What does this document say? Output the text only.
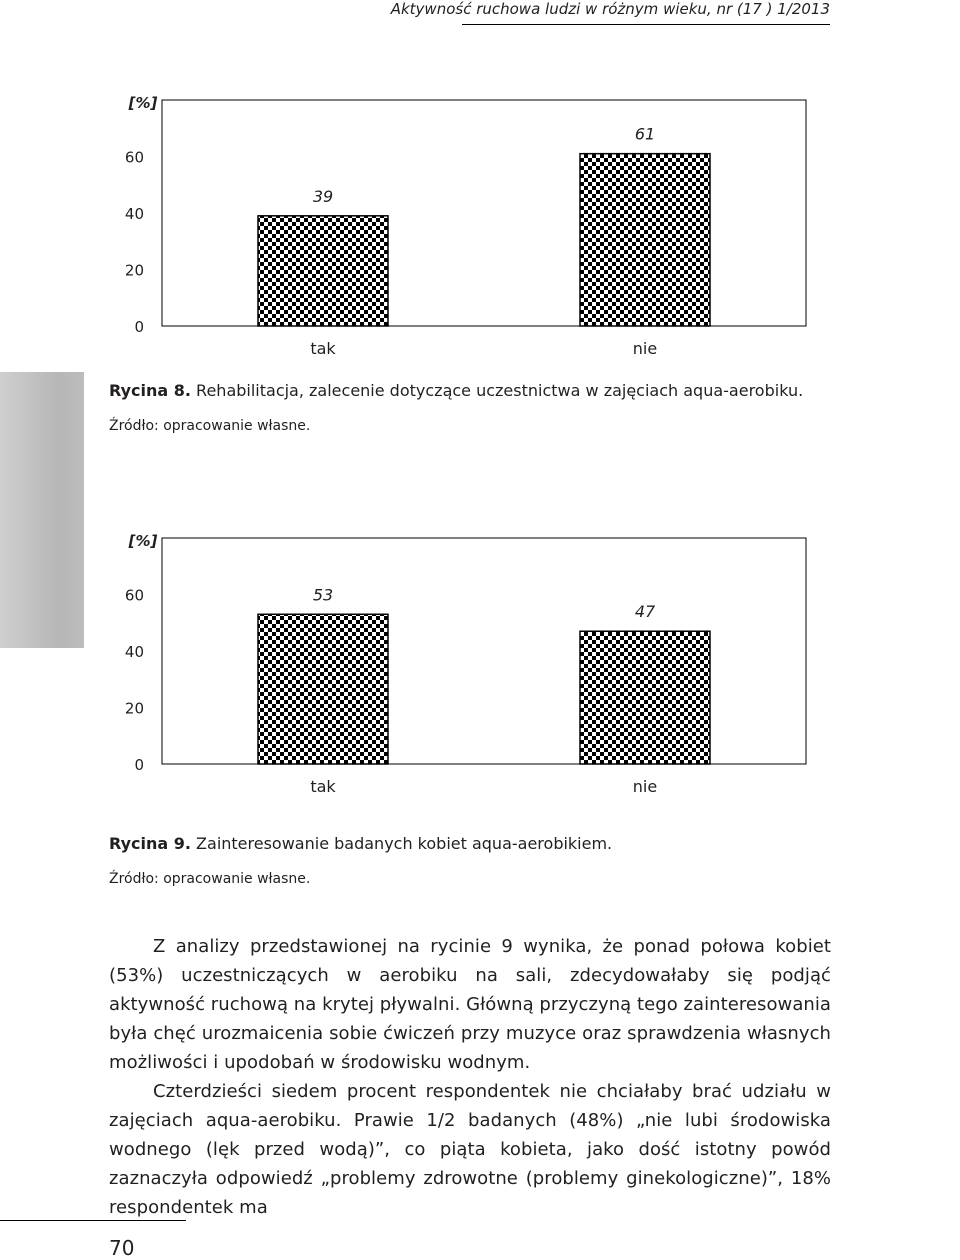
Aktywność ruchowa ludzi w różnym wieku, nr (17 ) 1/2013
[%]
0
20
40
60
39
tak
61
nie
Rycina 8. Rehabilitacja, zalecenie dotyczące uczestnictwa w zajęciach aqua-aerobiku.
Źródło: opracowanie własne.
[%]
0
20
40
60	53
tak
47
nie
Rycina 9. Zainteresowanie badanych kobiet aqua-aerobikiem.
Źródło: opracowanie własne.

Z analizy przedstawionej na rycinie 9 wynika, że ponad połowa kobiet (53%) uczestniczących w aerobiku na sali, zdecydowałaby się podjąć aktywność ruchową na krytej pływalni. Główną przyczyną tego zainteresowania była chęć urozmaicenia sobie ćwiczeń przy muzyce oraz sprawdzenia własnych możliwości i upodobań w środowisku wodnym.

Czterdzieści siedem procent respondentek nie chciałaby brać udziału w zajęciach aqua-aerobiku. Prawie 1/2 badanych (48%) „nie lubi środowiska wodnego (lęk przed wodą)”, co piąta kobieta, jako dość istotny powód zaznaczyła odpowiedź „problemy zdrowotne (problemy ginekologiczne)”, 18% respondentek ma

70
